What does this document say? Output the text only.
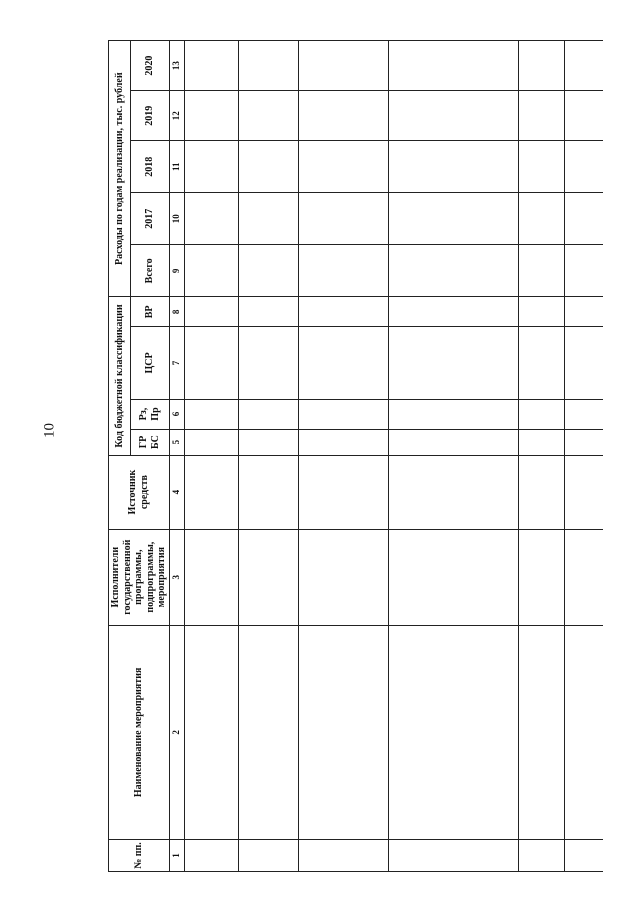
10
№ пп.	Наименование мероприятия	Исполнители государственной программы, подпрограммы, мероприятия	Источник средств	Код бюджетной классификации				Расходы по годам реализации, тыс. рублей				
				ГР БС	Рз, Пр	ЦСР	ВР	Всего	2017	2018	2019	2020
1	2	3	4	5	6	7	8	9	10	11	12	13
